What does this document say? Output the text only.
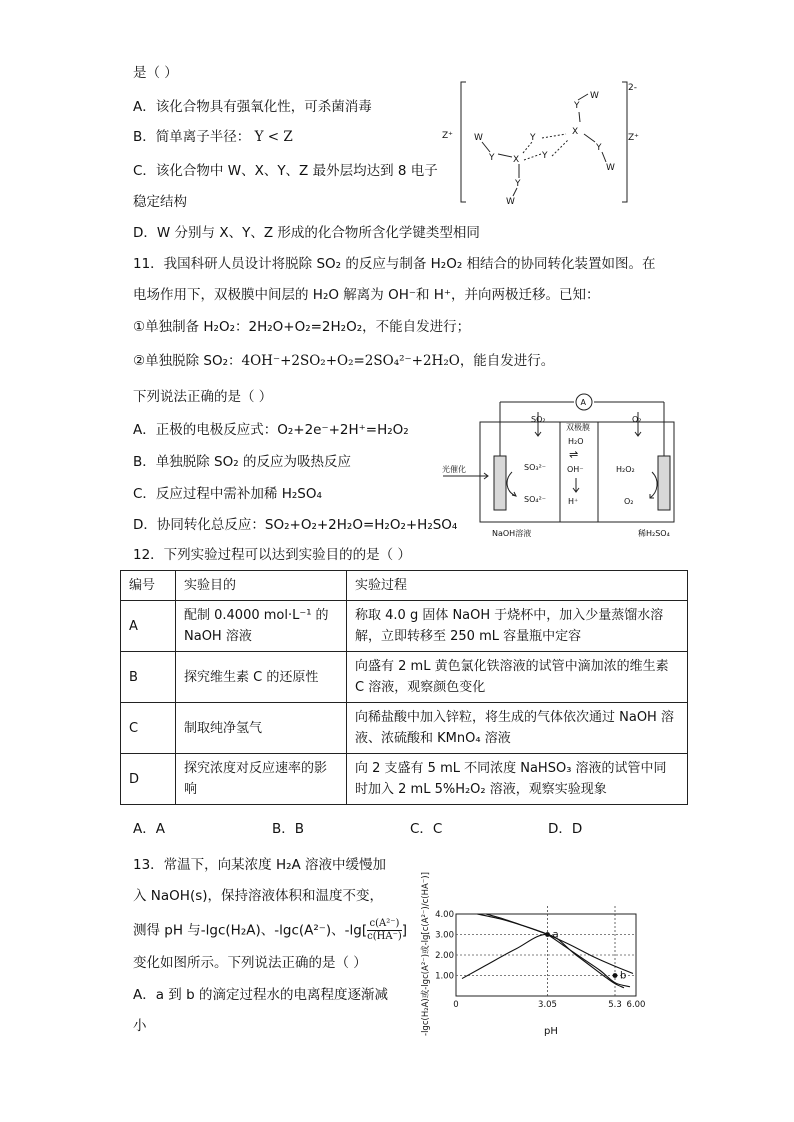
是（ ）
A．该化合物具有强氧化性，可杀菌消毒
B．简单离子半径： Y < Z
C．该化合物中 W、X、Y、Z 最外层均达到 8 电子
稳定结构
D．W 分别与 X、Y、Z 形成的化合物所含化学键类型相同
Z⁺	Z⁺
2-
W
Y X
Y
Y
X
Y
W
Y
W
Y
W
11．我国科研人员设计将脱除 SO₂ 的反应与制备 H₂O₂ 相结合的协同转化装置如图。在
电场作用下，双极膜中间层的 H₂O 解离为 OH⁻和 H⁺，并向两极迁移。已知：
①单独制备 H₂O₂：2H₂O+O₂=2H₂O₂，不能自发进行；
②单独脱除 SO₂：4OH⁻+2SO₂+O₂=2SO₄²⁻+2H₂O，能自发进行。
下列说法正确的是（ ）
A．正极的电极反应式：O₂+2e⁻+2H⁺=H₂O₂
B．单独脱除 SO₂ 的反应为吸热反应
C．反应过程中需补加稀 H₂SO₄
D．协同转化总反应：SO₂+O₂+2H₂O=H₂O₂+H₂SO₄
A
SO₂
双极膜
O₂
H₂O
⇌
OH⁻
H⁺
光催化	SO₃²⁻
SO₄²⁻
H₂O₂
O₂
NaOH溶液	稀H₂SO₄
12．下列实验过程可以达到实验目的的是（ ）
编号	实验目的	实验过程
A	配制 0.4000 mol·L⁻¹ 的 NaOH 溶液	称取 4.0 g 固体 NaOH 于烧杯中，加入少量蒸馏水溶解，立即转移至 250 mL 容量瓶中定容
B	探究维生素 C 的还原性	向盛有 2 mL 黄色氯化铁溶液的试管中滴加浓的维生素 C 溶液，观察颜色变化
C	制取纯净氢气	向稀盐酸中加入锌粒，将生成的气体依次通过 NaOH 溶液、浓硫酸和 KMnO₄ 溶液
D	探究浓度对反应速率的影响	向 2 支盛有 5 mL 不同浓度 NaHSO₃ 溶液的试管中同时加入 2 mL 5%H₂O₂ 溶液，观察实验现象
A．A	B．B	C．C	D．D
13．常温下，向某浓度 H₂A 溶液中缓慢加
入 NaOH(s)，保持溶液体积和温度不变，
测得 pH 与-lgc(H₂A)、-lgc(A²⁻)、$-\lg[ \frac{\text{c(A²⁻)}}{c(HA^-)}$ ]
变化如图所示。下列说法正确的是（ ）
A．a 到 b 的滴定过程水的电离程度逐渐减
小	-lgc(H₂A)或-lgc(A²⁻)或-lg[c(A²⁻)/c(HA⁻)] 1.00
2.00
3.00
4.00
0	3.05	5.3 6.00
a
b
pH
